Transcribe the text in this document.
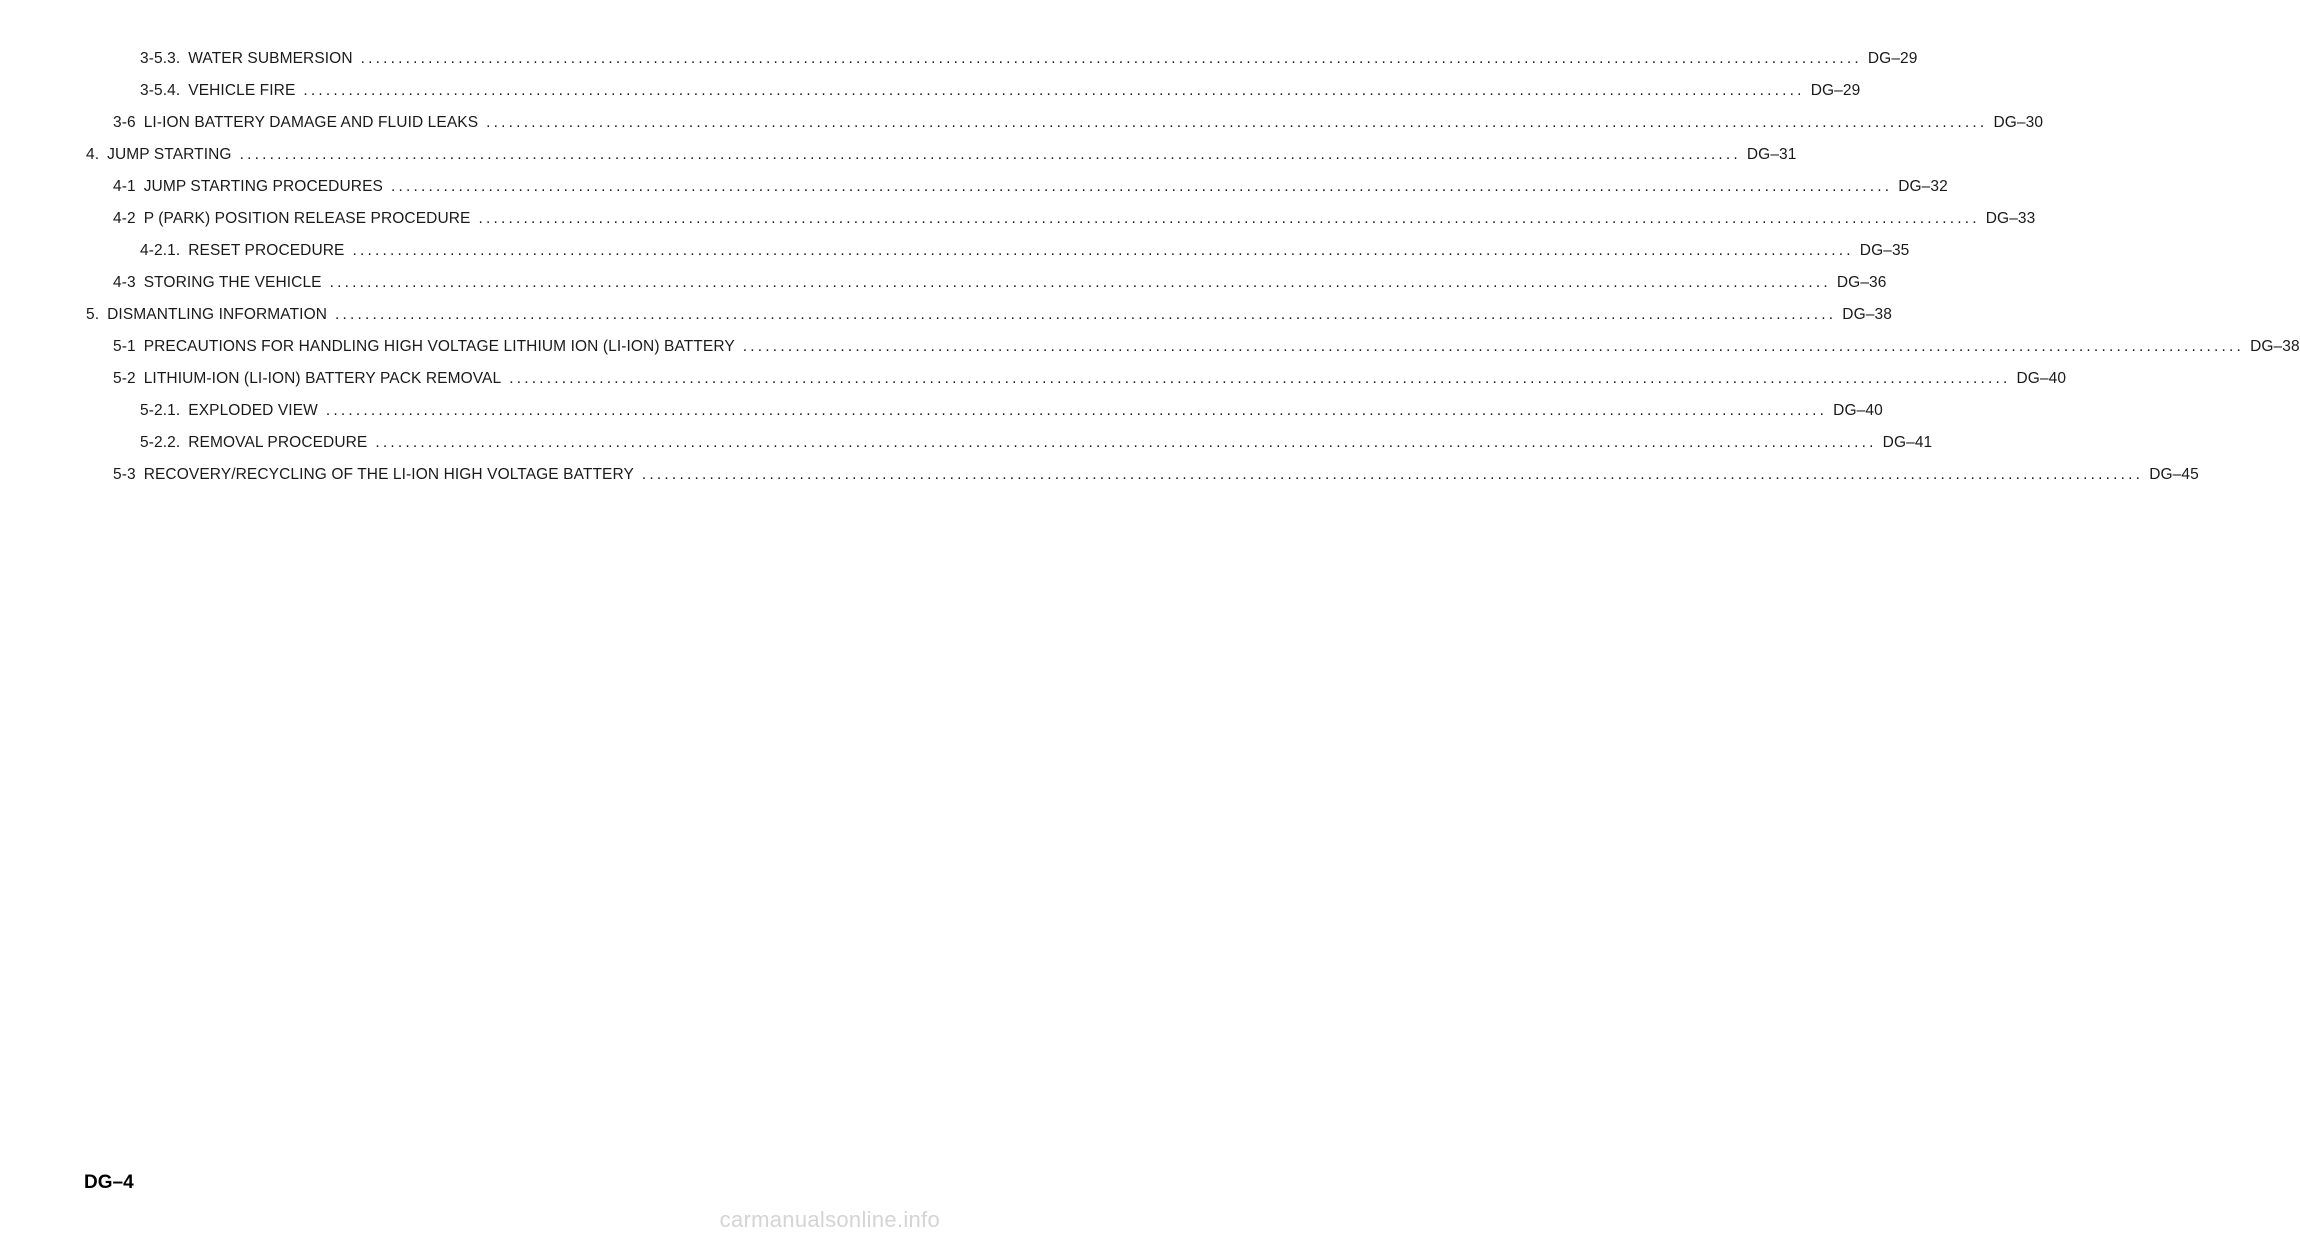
3-5.3. WATER SUBMERSION ........................................................................................................................................................................................................ DG–29
3-5.4. VEHICLE FIRE ........................................................................................................................................................................................................ DG–29
3-6 LI-ION BATTERY DAMAGE AND FLUID LEAKS ........................................................................................................................................................................................................ DG–30
4. JUMP STARTING ........................................................................................................................................................................................................ DG–31
4-1 JUMP STARTING PROCEDURES ........................................................................................................................................................................................................ DG–32
4-2 P (PARK) POSITION RELEASE PROCEDURE ........................................................................................................................................................................................................ DG–33
4-2.1. RESET PROCEDURE ........................................................................................................................................................................................................ DG–35
4-3 STORING THE VEHICLE ........................................................................................................................................................................................................ DG–36
5. DISMANTLING INFORMATION ........................................................................................................................................................................................................ DG–38
5-1 PRECAUTIONS FOR HANDLING HIGH VOLTAGE LITHIUM ION (LI-ION) BATTERY ........................................................................................................................................................................................................ DG–38
5-2 LITHIUM-ION (LI-ION) BATTERY PACK REMOVAL ........................................................................................................................................................................................................ DG–40
5-2.1. EXPLODED VIEW ........................................................................................................................................................................................................ DG–40
5-2.2. REMOVAL PROCEDURE ........................................................................................................................................................................................................ DG–41
5-3 RECOVERY/RECYCLING OF THE LI-ION HIGH VOLTAGE BATTERY ........................................................................................................................................................................................................ DG–45
DG–4
carmanualsonline.info
